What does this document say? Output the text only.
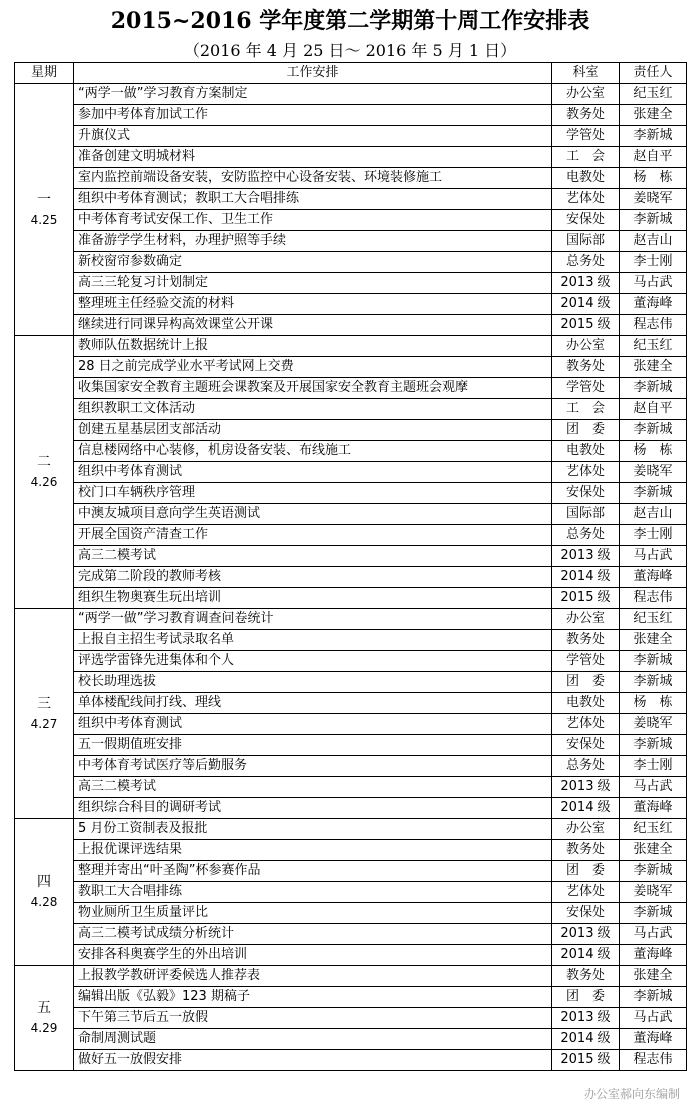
2015~2016 学年度第二学期第十周工作安排表
（2016 年 4 月 25 日～ 2016 年 5 月 1 日）
星期	工作安排	科室	责任人

一
4.25	“两学一做”学习教育方案制定	办公室	纪玉红
	参加中考体育加试工作	教务处	张建全
	升旗仪式	学管处	李新城
	准备创建文明城材料	工　会	赵自平
	室内监控前端设备安装，安防监控中心设备安装、环境装修施工	电教处	杨　栋
	组织中考体育测试；教职工大合唱排练	艺体处	姜晓军
	中考体育考试安保工作、卫生工作	安保处	李新城
	准备游学学生材料，办理护照等手续	国际部	赵吉山
	新校窗帘参数确定	总务处	李士刚
	高三三轮复习计划制定	2013 级	马占武
	整理班主任经验交流的材料	2014 级	董海峰
	继续进行同课异构高效课堂公开课	2015 级	程志伟

二
4.26	教师队伍数据统计上报	办公室	纪玉红
	28 日之前完成学业水平考试网上交费	教务处	张建全
	收集国家安全教育主题班会课教案及开展国家安全教育主题班会观摩	学管处	李新城
	组织教职工文体活动	工　会	赵自平
	创建五星基层团支部活动	团　委	李新城
	信息楼网络中心装修，机房设备安装、布线施工	电教处	杨　栋
	组织中考体育测试	艺体处	姜晓军
	校门口车辆秩序管理	安保处	李新城
	中澳友城项目意向学生英语测试	国际部	赵吉山
	开展全国资产清查工作	总务处	李士刚
	高三二模考试	2013 级	马占武
	完成第二阶段的教师考核	2014 级	董海峰
	组织生物奥赛生玩出培训	2015 级	程志伟

三
4.27	“两学一做”学习教育调查问卷统计	办公室	纪玉红
	上报自主招生考试录取名单	教务处	张建全
	评选学雷锋先进集体和个人	学管处	李新城
	校长助理选拔	团　委	李新城
	单体楼配线间打线、理线	电教处	杨　栋
	组织中考体育测试	艺体处	姜晓军
	五一假期值班安排	安保处	李新城
	中考体育考试医疗等后勤服务	总务处	李士刚
	高三二模考试	2013 级	马占武
	组织综合科目的调研考试	2014 级	董海峰

四
4.28	5 月份工资制表及报批	办公室	纪玉红
	上报优课评选结果	教务处	张建全
	整理并寄出“叶圣陶”杯参赛作品	团　委	李新城
	教职工大合唱排练	艺体处	姜晓军
	物业厕所卫生质量评比	安保处	李新城
	高三二模考试成绩分析统计	2013 级	马占武
	安排各科奥赛学生的外出培训	2014 级	董海峰

五
4.29	上报教学教研评委候选人推荐表	教务处	张建全
	编辑出版《弘毅》123 期稿子	团　委	李新城
	下午第三节后五一放假	2013 级	马占武
	命制周测试题	2014 级	董海峰
	做好五一放假安排	2015 级	程志伟
办公室郝向东编制
